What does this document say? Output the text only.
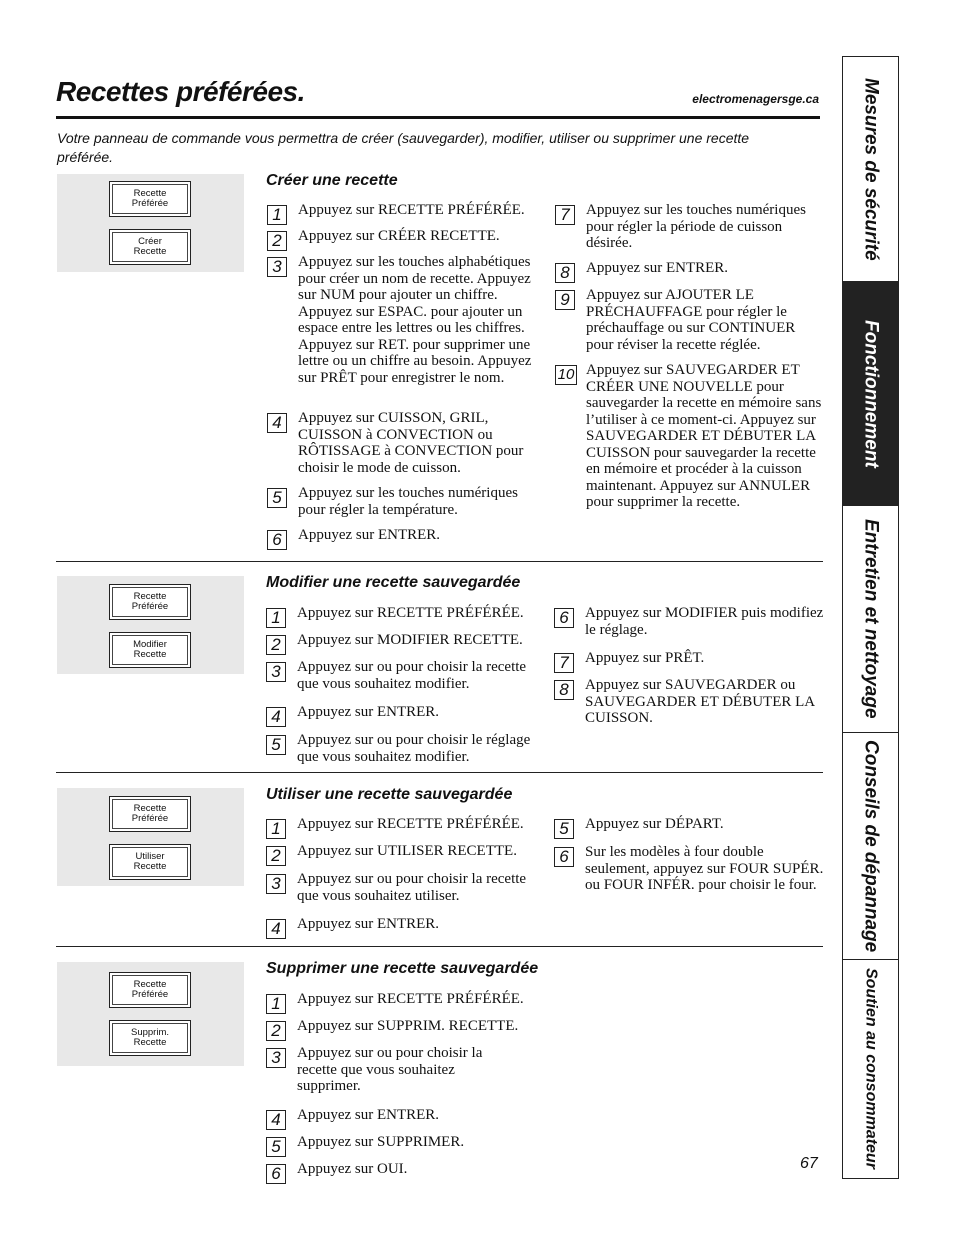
Recettes préférées.	electromenagersge.ca
Votre panneau de commande vous permettra de créer (sauvegarder), modifier, utiliser ou supprimer une recette préférée.
Recette
Préférée
Créer
Recette
Créer une recette
1	Appuyez sur RECETTE PRÉFÉRÉE.
2	Appuyez sur CRÉER RECETTE.
3	Appuyez sur les touches alphabétiques pour créer un nom de recette. Appuyez sur NUM pour ajouter un chiffre. Appuyez sur ESPAC. pour ajouter un espace entre les lettres ou les chiffres. Appuyez sur RET. pour supprimer une lettre ou un chiffre au besoin. Appuyez sur PRÊT pour enregistrer le nom.
4	Appuyez sur CUISSON, GRIL, CUISSON à CONVECTION ou RÔTISSAGE à CONVECTION pour choisir le mode de cuisson.
5	Appuyez sur les touches numériques pour régler la température.
6	Appuyez sur ENTRER.
7	Appuyez sur les touches numériques pour régler la période de cuisson désirée.
8	Appuyez sur ENTRER.
9	Appuyez sur AJOUTER LE PRÉCHAUFFAGE pour régler le préchauffage ou sur CONTINUER pour réviser la recette réglée.
10 Appuyez sur SAUVEGARDER ET CRÉER UNE NOUVELLE pour sauvegarder la recette en mémoire sans l’utiliser à ce moment-ci. Appuyez sur SAUVEGARDER ET DÉBUTER LA CUISSON pour sauvegarder la recette en mémoire et procéder à la cuisson maintenant. Appuyez sur ANNULER pour supprimer la recette.
Recette
Préférée
Modifier
Recette
Modifier une recette sauvegardée
1	Appuyez sur RECETTE PRÉFÉRÉE.
2	Appuyez sur MODIFIER RECETTE.
3	Appuyez sur ou pour choisir la recette que vous souhaitez modifier.
4	Appuyez sur ENTRER.
5	Appuyez sur ou pour choisir le réglage que vous souhaitez modifier.
6	Appuyez sur MODIFIER puis modifiez le réglage.
7	Appuyez sur PRÊT.
8	Appuyez sur SAUVEGARDER ou SAUVEGARDER ET DÉBUTER LA CUISSON.
Recette
Préférée
Utiliser
Recette
Utiliser une recette sauvegardée
1	Appuyez sur RECETTE PRÉFÉRÉE.
2	Appuyez sur UTILISER RECETTE.
3	Appuyez sur ou pour choisir la recette que vous souhaitez utiliser.
4	Appuyez sur ENTRER.
5	Appuyez sur DÉPART.
6	Sur les modèles à four double seulement, appuyez sur FOUR SUPÉR. ou FOUR INFÉR. pour choisir le four.
Recette
Préférée
Supprim.
Recette
Supprimer une recette sauvegardée
1	Appuyez sur RECETTE PRÉFÉRÉE.
2	Appuyez sur SUPPRIM. RECETTE.
3	Appuyez sur ou pour choisir la recette que vous souhaitez supprimer.
4	Appuyez sur ENTRER.
5	Appuyez sur SUPPRIMER.
6	Appuyez sur OUI.	67
Mesures de sécurité
Fonctionnement
Entretien et nettoyage
Conseils de dépannage
Soutien au consommateur
